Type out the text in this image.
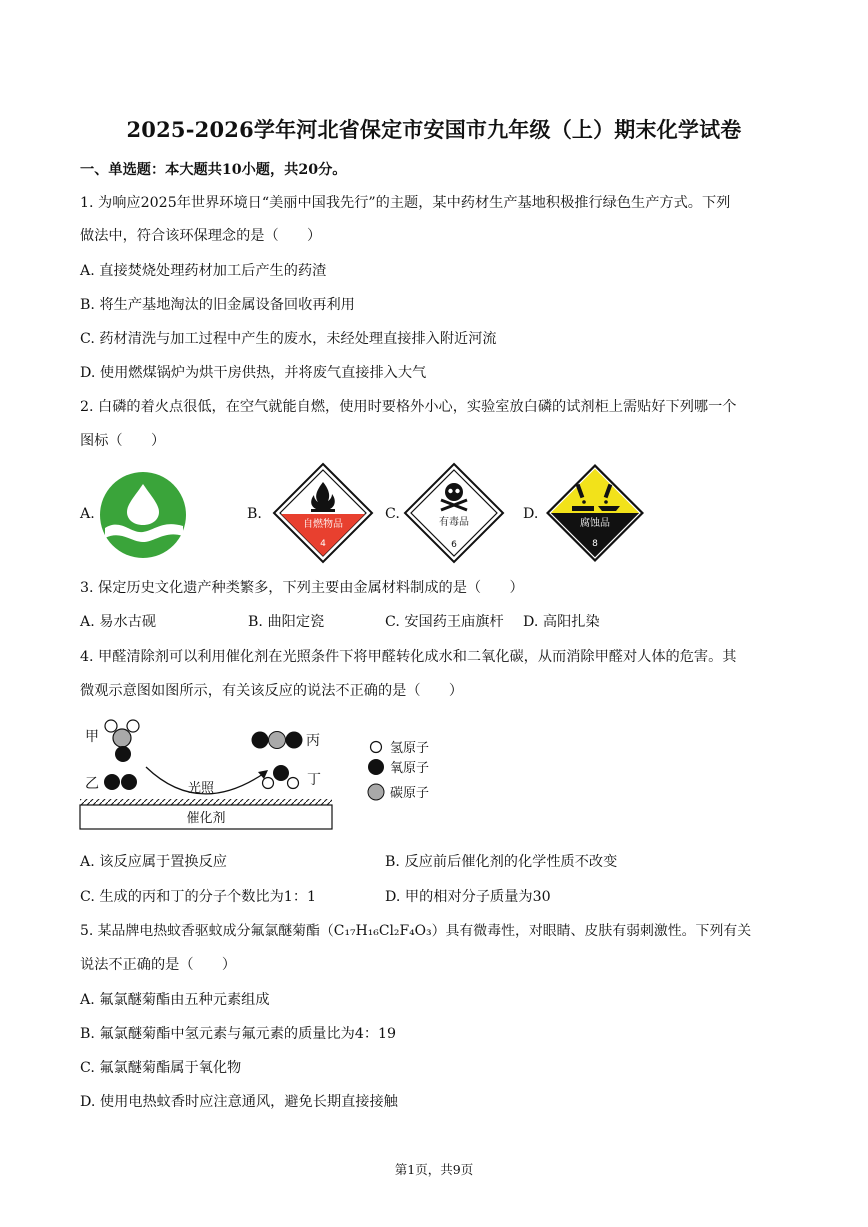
2025-2026学年河北省保定市安国市九年级（上）期末化学试卷
一、单选题：本大题共10小题，共20分。
1. 为响应2025年世界环境日“美丽中国我先行”的主题，某中药材生产基地积极推行绿色生产方式。下列
做法中，符合该环保理念的是（　　）
A. 直接焚烧处理药材加工后产生的药渣
B. 将生产基地淘汰的旧金属设备回收再利用
C. 药材清洗与加工过程中产生的废水，未经处理直接排入附近河流
D. 使用燃煤锅炉为烘干房供热，并将废气直接排入大气
2. 白磷的着火点很低，在空气就能自燃，使用时要格外小心，实验室放白磷的试剂柜上需贴好下列哪一个
图标（　　）
A.	B.
自燃物品
4
C.
有毒品
6
D.
腐蚀品
8
3. 保定历史文化遗产种类繁多，下列主要由金属材料制成的是（　　）
A. 易水古砚	B. 曲阳定瓷	C. 安国药王庙旗杆 D. 高阳扎染
4. 甲醛清除剂可以利用催化剂在光照条件下将甲醛转化成水和二氧化碳，从而消除甲醛对人体的危害。其
微观示意图如图所示，有关该反应的说法不正确的是（　　）
甲
乙	光照
丙
丁
催化剂
氢原子
氧原子
碳原子
A. 该反应属于置换反应	B. 反应前后催化剂的化学性质不改变
C. 生成的丙和丁的分子个数比为1：1	D. 甲的相对分子质量为30
5. 某品牌电热蚊香驱蚊成分氟氯醚菊酯（C₁₇H₁₆Cl₂F₄O₃）具有微毒性，对眼睛、皮肤有弱刺激性。下列有关
说法不正确的是（　　）
A. 氟氯醚菊酯由五种元素组成
B. 氟氯醚菊酯中氢元素与氟元素的质量比为4：19
C. 氟氯醚菊酯属于氧化物
D. 使用电热蚊香时应注意通风，避免长期直接接触
第1页，共9页
